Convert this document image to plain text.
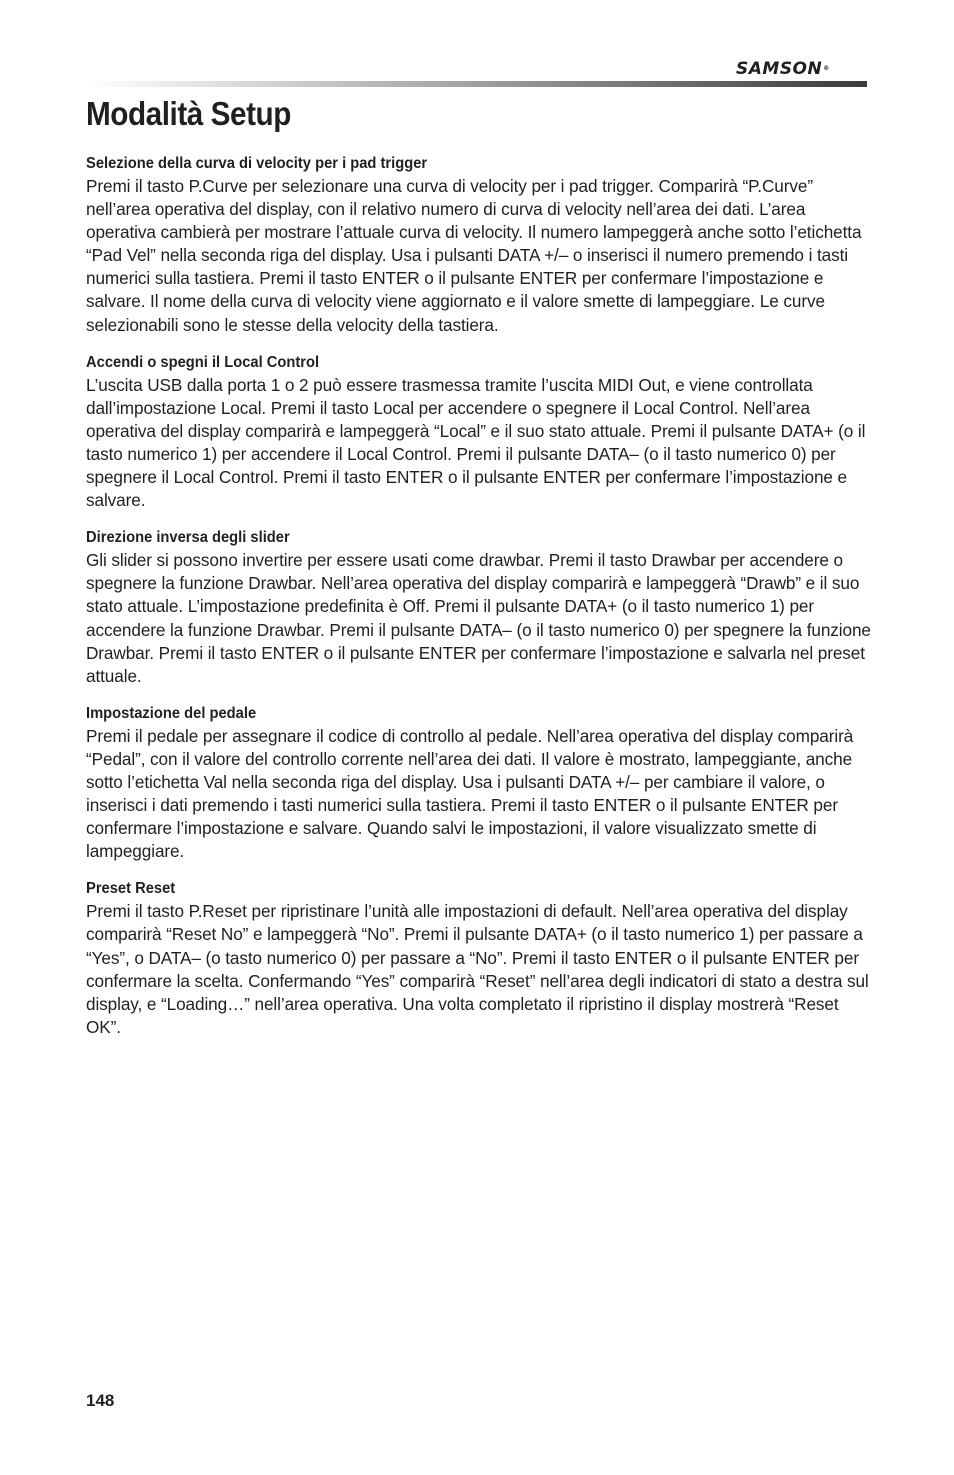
SAMSON®
Modalità Setup
Selezione della curva di velocity per i pad trigger

Premi il tasto P.Curve per selezionare una curva di velocity per i pad trigger. Comparirà “P.Curve” nell’area operativa del display, con il relativo numero di curva di velocity nell’area dei dati. L’area operativa cambierà per mostrare l’attuale curva di velocity. Il numero lampeggerà anche sotto l’etichetta “Pad Vel” nella seconda riga del display. Usa i pulsanti DATA +/– o inserisci il numero premendo i tasti numerici sulla tastiera. Premi il tasto ENTER o il pulsante ENTER per confermare l’impostazione e salvare. Il nome della curva di velocity viene aggiornato e il valore smette di lampeggiare. Le curve selezionabili sono le stesse della velocity della tastiera.

Accendi o spegni il Local Control

L’uscita USB dalla porta 1 o 2 può essere trasmessa tramite l’uscita MIDI Out, e viene controllata dall’impostazione Local. Premi il tasto Local per accendere o spegnere il Local Control. Nell’area operativa del display comparirà e lampeggerà “Local” e il suo stato attuale. Premi il pulsante DATA+ (o il tasto numerico 1) per accendere il Local Control. Premi il pulsante DATA– (o il tasto numerico 0) per spegnere il Local Control. Premi il tasto ENTER o il pulsante ENTER per confermare l’impostazione e salvare.

Direzione inversa degli slider

Gli slider si possono invertire per essere usati come drawbar. Premi il tasto Drawbar per accendere o spegnere la funzione Drawbar. Nell’area operativa del display comparirà e lampeggerà “Drawb” e il suo stato attuale. L’impostazione predefinita è Off. Premi il pulsante DATA+ (o il tasto numerico 1) per accendere la funzione Drawbar. Premi il pulsante DATA– (o il tasto numerico 0) per spegnere la funzione Drawbar. Premi il tasto ENTER o il pulsante ENTER per confermare l’impostazione e salvarla nel preset attuale.

Impostazione del pedale

Premi il pedale per assegnare il codice di controllo al pedale. Nell’area operativa del display comparirà “Pedal”, con il valore del controllo corrente nell’area dei dati. Il valore è mostrato, lampeggiante, anche sotto l’etichetta Val nella seconda riga del display. Usa i pulsanti DATA +/– per cambiare il valore, o inserisci i dati premendo i tasti numerici sulla tastiera. Premi il tasto ENTER o il pulsante ENTER per confermare l’impostazione e salvare. Quando salvi le impostazioni, il valore visualizzato smette di lampeggiare.

Preset Reset

Premi il tasto P.Reset per ripristinare l’unità alle impostazioni di default. Nell’area operativa del display comparirà “Reset No” e lampeggerà “No”. Premi il pulsante DATA+ (o il tasto numerico 1) per passare a “Yes”, o DATA– (o tasto numerico 0) per passare a “No”. Premi il tasto ENTER o il pulsante ENTER per confermare la scelta. Confermando “Yes” comparirà “Reset” nell’area degli indicatori di stato a destra sul display, e “Loading…” nell’area operativa. Una volta completato il ripristino il display mostrerà “Reset OK”.

148
